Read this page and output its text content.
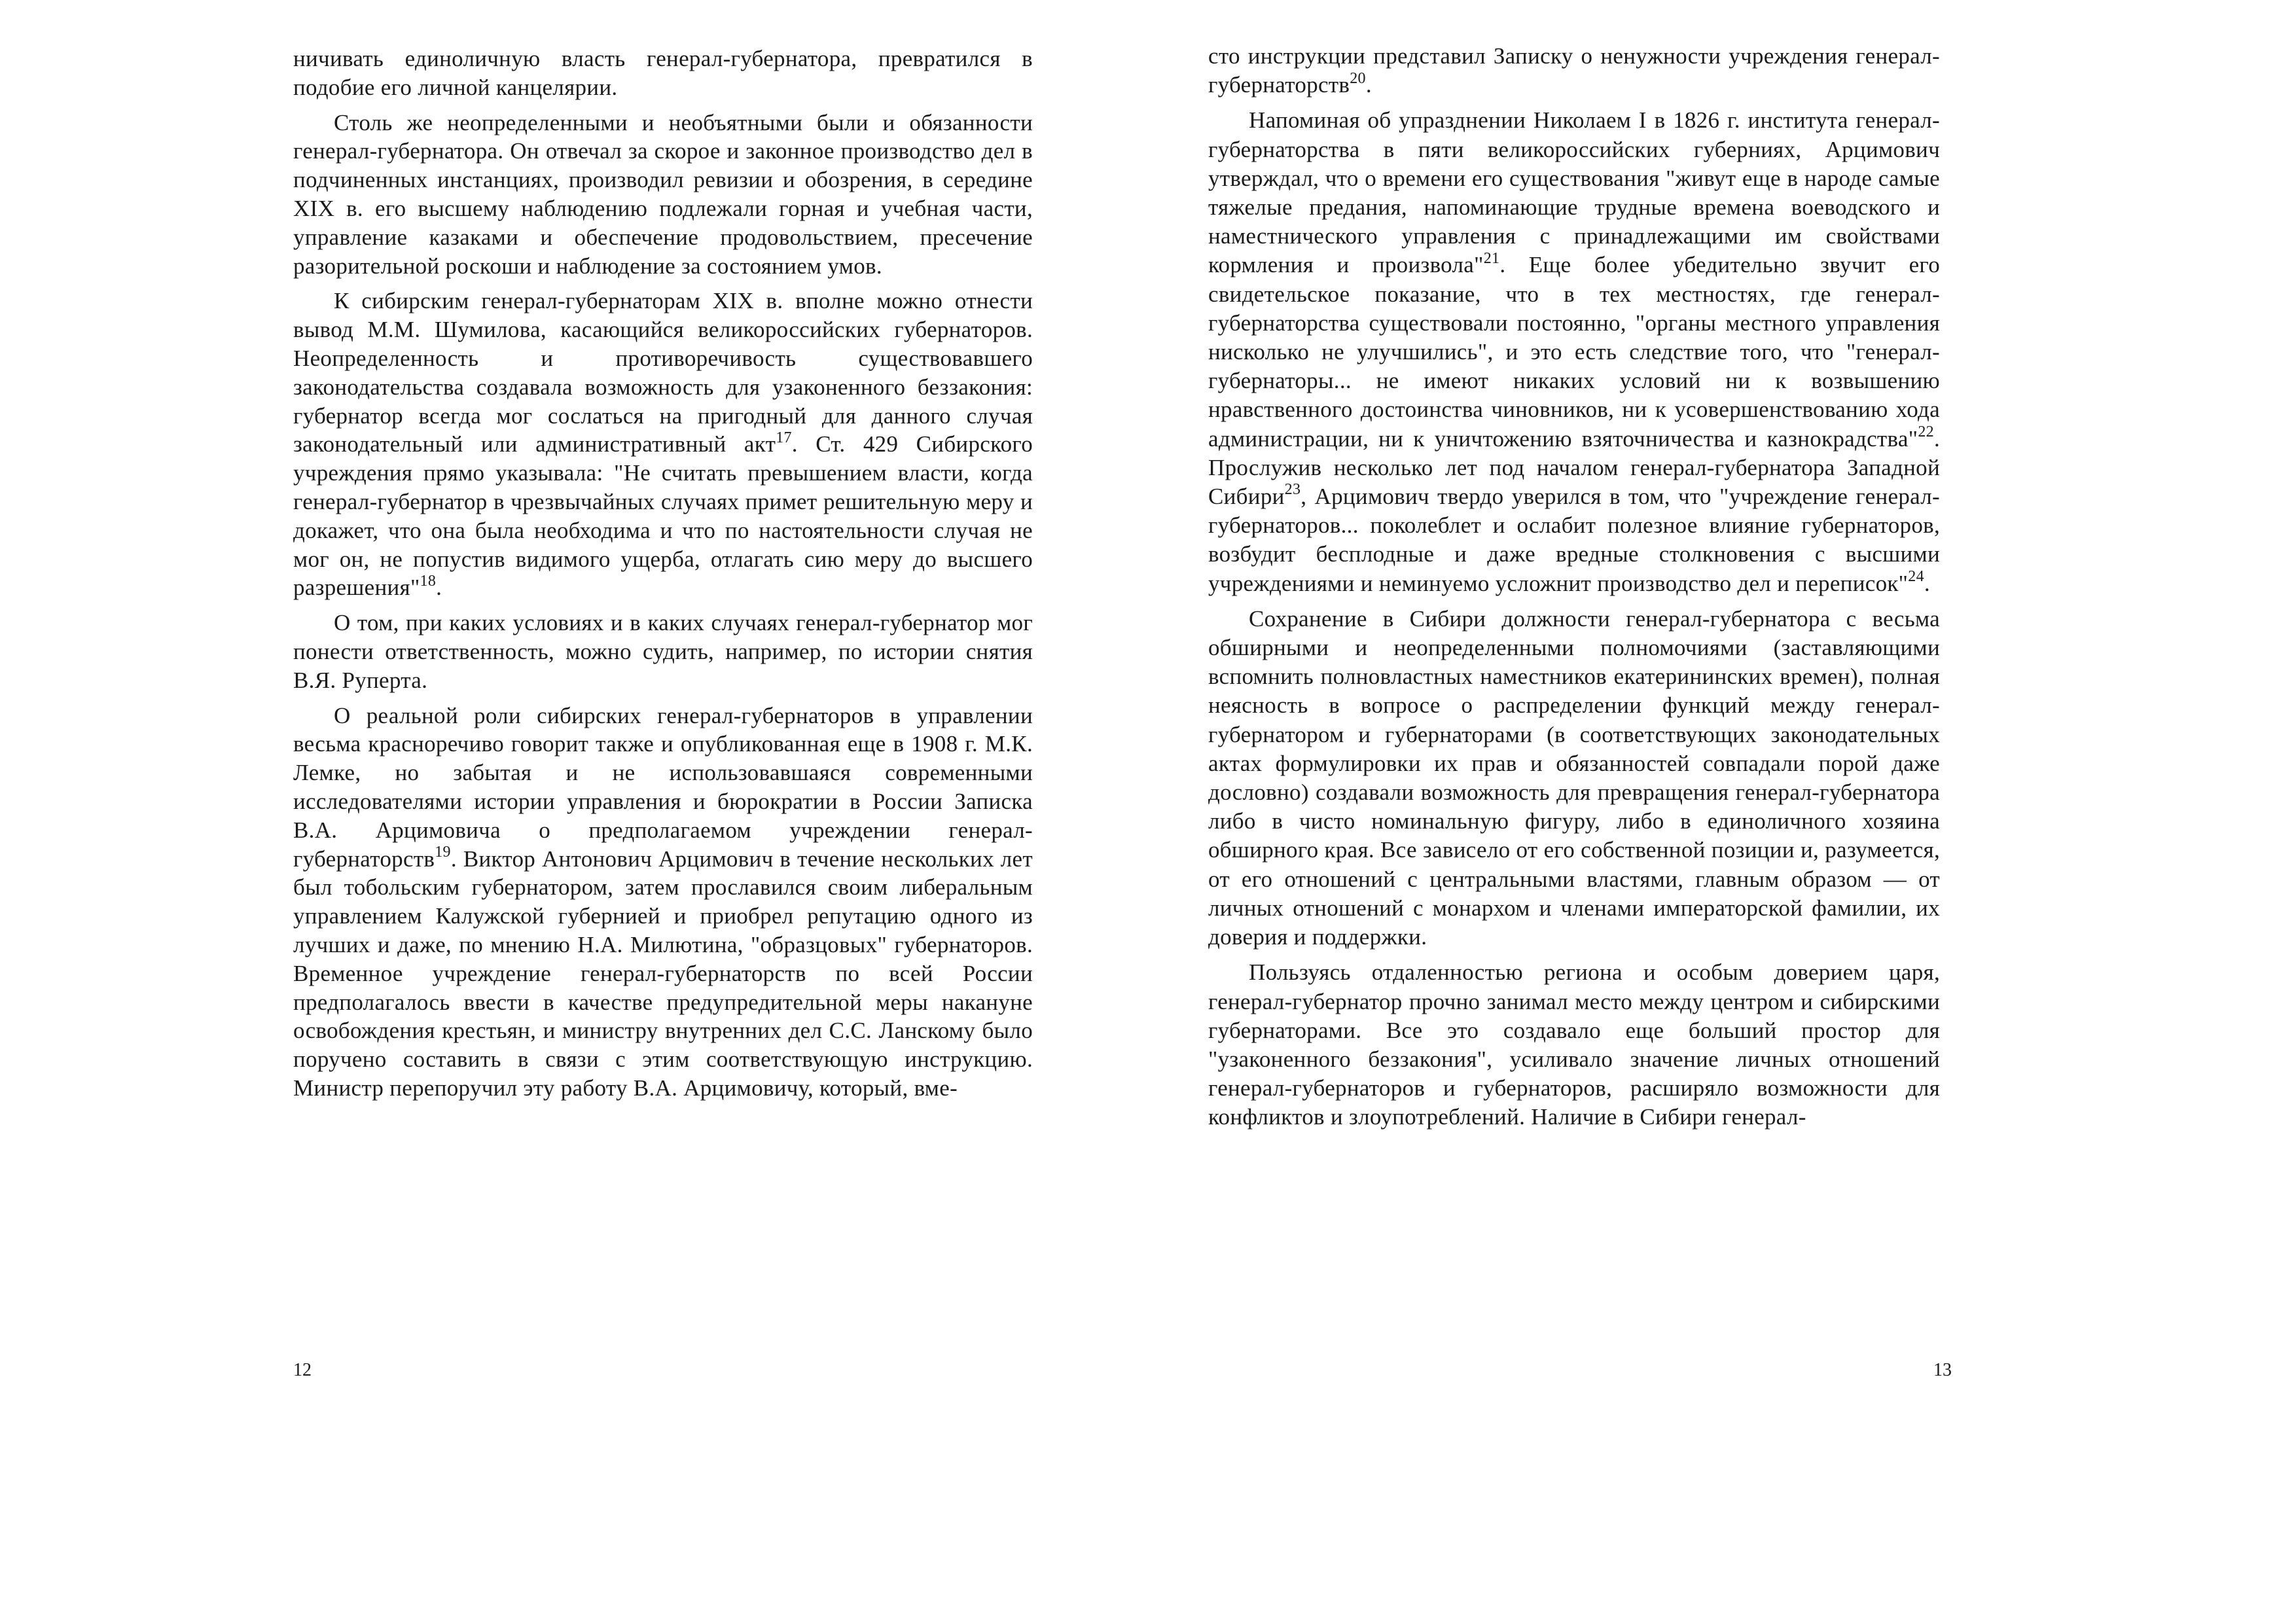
ничивать единоличную власть генерал-губернатора, превратился в подобие его личной канцелярии.

Столь же неопределенными и необъятными были и обязанности генерал-губернатора. Он отвечал за скорое и законное производство дел в подчиненных инстанциях, производил ревизии и обозрения, в середине XIX в. его высшему наблюдению подлежали горная и учебная части, управление казаками и обеспечение продовольствием, пресечение разорительной роскоши и наблюдение за состоянием умов.

К сибирским генерал-губернаторам XIX в. вполне можно отнести вывод М.М. Шумилова, касающийся великороссийских губернаторов. Неопределенность и противоречивость существовавшего законодательства создавала возможность для узаконенного беззакония: губернатор всегда мог сослаться на пригодный для данного случая законодательный или административный акт$^{17}$. Ст. 429 Сибирского учреждения прямо указывала: "Не считать превышением власти, когда генерал-губернатор в чрезвычайных случаях примет решительную меру и докажет, что она была необходима и что по настоятельности случая не мог он, не попустив видимого ущерба, отлагать сию меру до высшего разрешения"$^{18}$.

О том, при каких условиях и в каких случаях генерал-губернатор мог понести ответственность, можно судить, например, по истории снятия В.Я. Руперта.

О реальной роли сибирских генерал-губернаторов в управлении весьма красноречиво говорит также и опубликованная еще в 1908 г. М.К. Лемке, но забытая и не использовавшаяся современными исследователями истории управления и бюрократии в России Записка В.А. Арцимовича о предполагаемом учреждении генерал-губернаторств$^{19}$. Виктор Антонович Арцимович в течение нескольких лет был тобольским губернатором, затем прославился своим либеральным управлением Калужской губернией и приобрел репутацию одного из лучших и даже, по мнению Н.А. Милютина, "образцовых" губернаторов. Временное учреждение генерал-губернаторств по всей России предполагалось ввести в качестве предупредительной меры накануне освобождения крестьян, и министру внутренних дел С.С. Ланскому было поручено составить в связи с этим соответствующую инструкцию. Министр перепоручил эту работу В.А. Арцимовичу, который, вме-

12

сто инструкции представил Записку о ненужности учреждения генерал-губернаторств$^{20}$.

Напоминая об упразднении Николаем I в 1826 г. института генерал-губернаторства в пяти великороссийских губерниях, Арцимович утверждал, что о времени его существования "живут еще в народе самые тяжелые предания, напоминающие трудные времена воеводского и наместнического управления с принадлежащими им свойствами кормления и произвола"$^{21}$. Еще более убедительно звучит его свидетельское показание, что в тех местностях, где генерал-губернаторства существовали постоянно, "органы местного управления нисколько не улучшились", и это есть следствие того, что "генерал-губернаторы... не имеют никаких условий ни к возвышению нравственного достоинства чиновников, ни к усовершенствованию хода администрации, ни к уничтожению взяточничества и казнокрадства"$^{22}$. Прослужив несколько лет под началом генерал-губернатора Западной Сибири$^{23}$, Арцимович твердо уверился в том, что "учреждение генерал-губернаторов... поколеблет и ослабит полезное влияние губернаторов, возбудит бесплодные и даже вредные столкновения с высшими учреждениями и неминуемо усложнит производство дел и переписок"$^{24}$.

Сохранение в Сибири должности генерал-губернатора с весьма обширными и неопределенными полномочиями (заставляющими вспомнить полновластных наместников екатерининских времен), полная неясность в вопросе о распределении функций между генерал-губернатором и губернаторами (в соответствующих законодательных актах формулировки их прав и обязанностей совпадали порой даже дословно) создавали возможность для превращения генерал-губернатора либо в чисто номинальную фигуру, либо в единоличного хозяина обширного края. Все зависело от его собственной позиции и, разумеется, от его отношений с центральными властями, главным образом — от личных отношений с монархом и членами императорской фамилии, их доверия и поддержки.

Пользуясь отдаленностью региона и особым доверием царя, генерал-губернатор прочно занимал место между центром и сибирскими губернаторами. Все это создавало еще больший простор для "узаконенного беззакония", усиливало значение личных отношений генерал-губернаторов и губернаторов, расширяло возможности для конфликтов и злоупотреблений. Наличие в Сибири генерал-

13
